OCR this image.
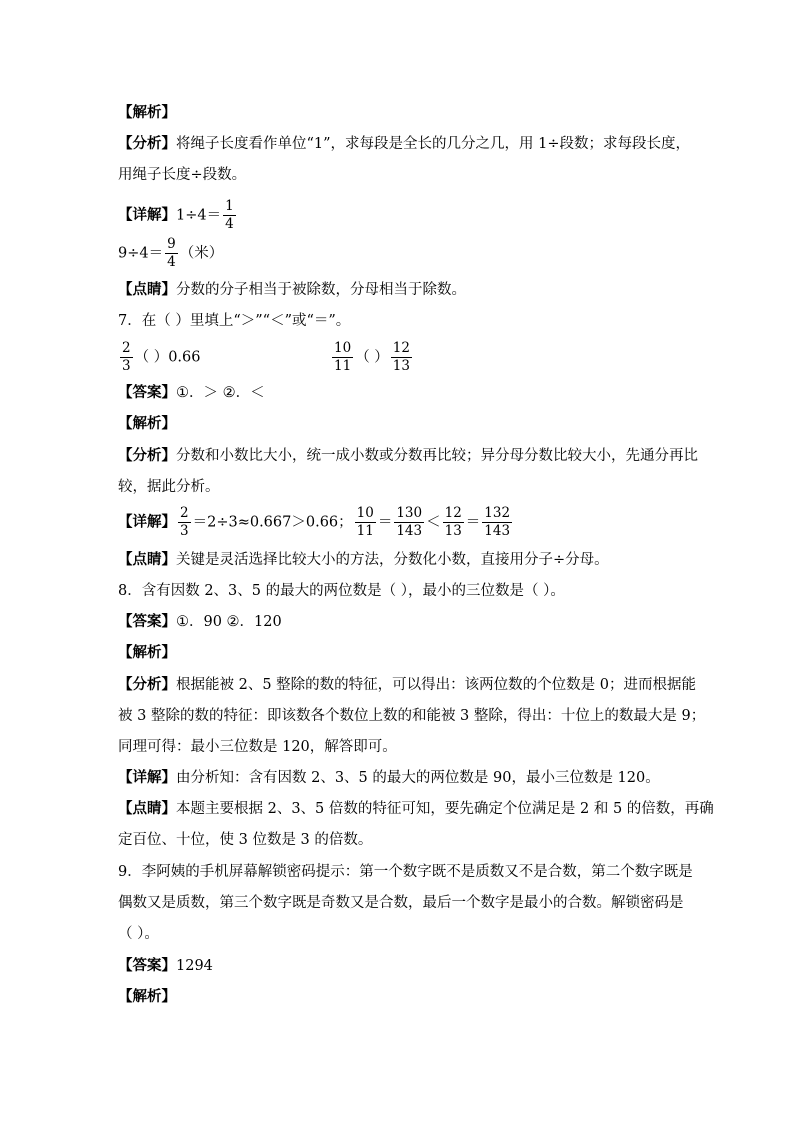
【解析】
【分析】将绳子长度看作单位“1”，求每段是全长的几分之几，用 1÷段数；求每段长度，
用绳子长度÷段数。
【详解】$1\div 4= \frac{1}{4}$
$9\div 4= \frac{9}{4}$ （米）
【点睛】分数的分子相当于被除数，分母相当于除数。
7．在（ ）里填上“＞”“＜”或“＝”。
$\frac{2}{3}$ （ ）0.66	$\frac{10}{11}$ （ ） $\frac{12}{13}$
【答案】①．＞ ②．＜
【解析】
【分析】分数和小数比大小，统一成小数或分数再比较；异分母分数比较大小，先通分再比
较，据此分析。
【详解】 $\frac{2}{3} =2\div 3\approx 0.667>0.66$； $\frac{10}{11} = \frac{130}{143} < \frac{12}{13} = \frac{132}{143}$
【点睛】关键是灵活选择比较大小的方法，分数化小数，直接用分子÷分母。
8．含有因数 2、3、5 的最大的两位数是（ ），最小的三位数是（ ）。
【答案】①．90 ②．120
【解析】
【分析】根据能被 2、5 整除的数的特征，可以得出：该两位数的个位数是 0；进而根据能
被 3 整除的数的特征：即该数各个数位上数的和能被 3 整除，得出：十位上的数最大是 9；
同理可得：最小三位数是 120，解答即可。
【详解】由分析知：含有因数 2、3、5 的最大的两位数是 90，最小三位数是 120。
【点睛】本题主要根据 2、3、5 倍数的特征可知，要先确定个位满足是 2 和 5 的倍数，再确
定百位、十位，使 3 位数是 3 的倍数。
9．李阿姨的手机屏幕解锁密码提示：第一个数字既不是质数又不是合数，第二个数字既是
偶数又是质数，第三个数字既是奇数又是合数，最后一个数字是最小的合数。解锁密码是
（ ）。
【答案】1294
【解析】
